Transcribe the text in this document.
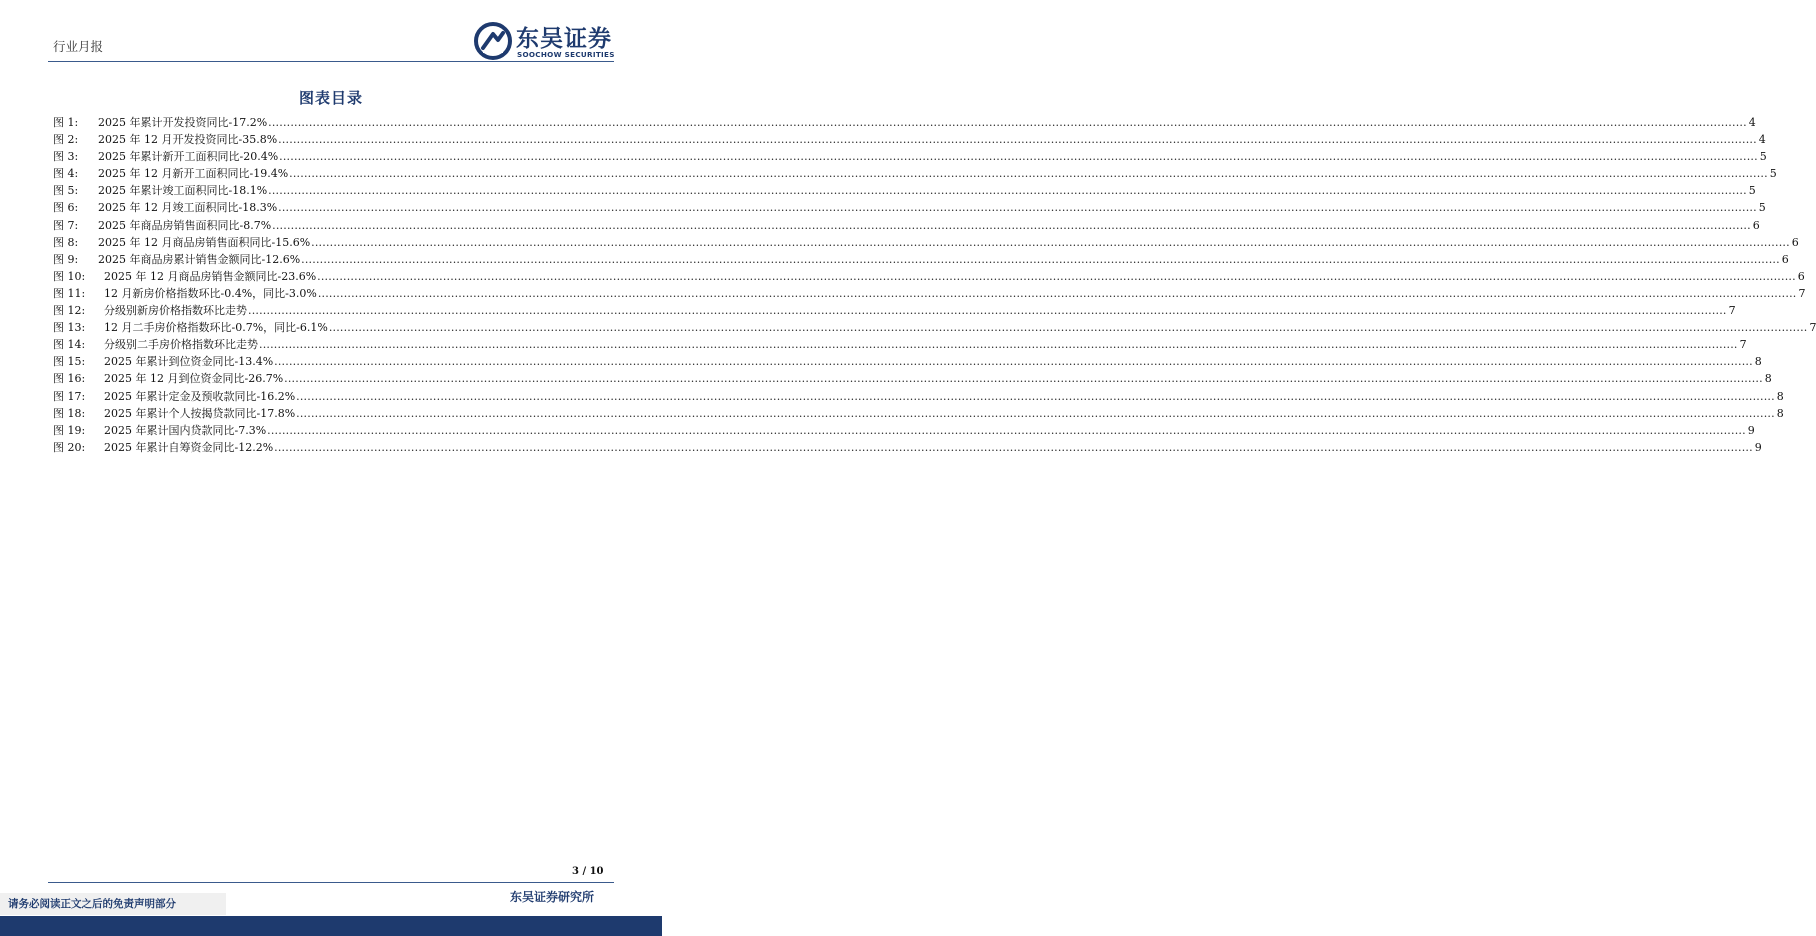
行业月报	东吴证券
SOOCHOW SECURITIES
图表目录
图 1:	2025 年累计开发投资同比-17.2% ................................................................................................................................................................................................................................................................................................................................................................................................................ 4
图 2:	2025 年 12 月开发投资同比-35.8% ................................................................................................................................................................................................................................................................................................................................................................................................................ 4
图 3:	2025 年累计新开工面积同比-20.4% ................................................................................................................................................................................................................................................................................................................................................................................................................ 5
图 4:	2025 年 12 月新开工面积同比-19.4% ................................................................................................................................................................................................................................................................................................................................................................................................................ 5
图 5:	2025 年累计竣工面积同比-18.1% ................................................................................................................................................................................................................................................................................................................................................................................................................ 5
图 6:	2025 年 12 月竣工面积同比-18.3% ................................................................................................................................................................................................................................................................................................................................................................................................................ 5
图 7:	2025 年商品房销售面积同比-8.7% ................................................................................................................................................................................................................................................................................................................................................................................................................ 6
图 8:	2025 年 12 月商品房销售面积同比-15.6% ................................................................................................................................................................................................................................................................................................................................................................................................................ 6
图 9:	2025 年商品房累计销售金额同比-12.6% ................................................................................................................................................................................................................................................................................................................................................................................................................ 6
图 10:	2025 年 12 月商品房销售金额同比-23.6% ................................................................................................................................................................................................................................................................................................................................................................................................................ 6
图 11:	12 月新房价格指数环比-0.4%，同比-3.0% ................................................................................................................................................................................................................................................................................................................................................................................................................ 7
图 12:	分级别新房价格指数环比走势 ................................................................................................................................................................................................................................................................................................................................................................................................................ 7
图 13:	12 月二手房价格指数环比-0.7%，同比-6.1% ................................................................................................................................................................................................................................................................................................................................................................................................................ 7
图 14:	分级别二手房价格指数环比走势 ................................................................................................................................................................................................................................................................................................................................................................................................................ 7
图 15:	2025 年累计到位资金同比-13.4% ................................................................................................................................................................................................................................................................................................................................................................................................................ 8
图 16:	2025 年 12 月到位资金同比-26.7% ................................................................................................................................................................................................................................................................................................................................................................................................................ 8
图 17:	2025 年累计定金及预收款同比-16.2% ................................................................................................................................................................................................................................................................................................................................................................................................................ 8
图 18:	2025 年累计个人按揭贷款同比-17.8% ................................................................................................................................................................................................................................................................................................................................................................................................................ 8
图 19:	2025 年累计国内贷款同比-7.3% ................................................................................................................................................................................................................................................................................................................................................................................................................ 9
图 20:	2025 年累计自筹资金同比-12.2% ................................................................................................................................................................................................................................................................................................................................................................................................................ 9
3 / 10
请务必阅读正文之后的免责声明部分	东吴证券研究所
